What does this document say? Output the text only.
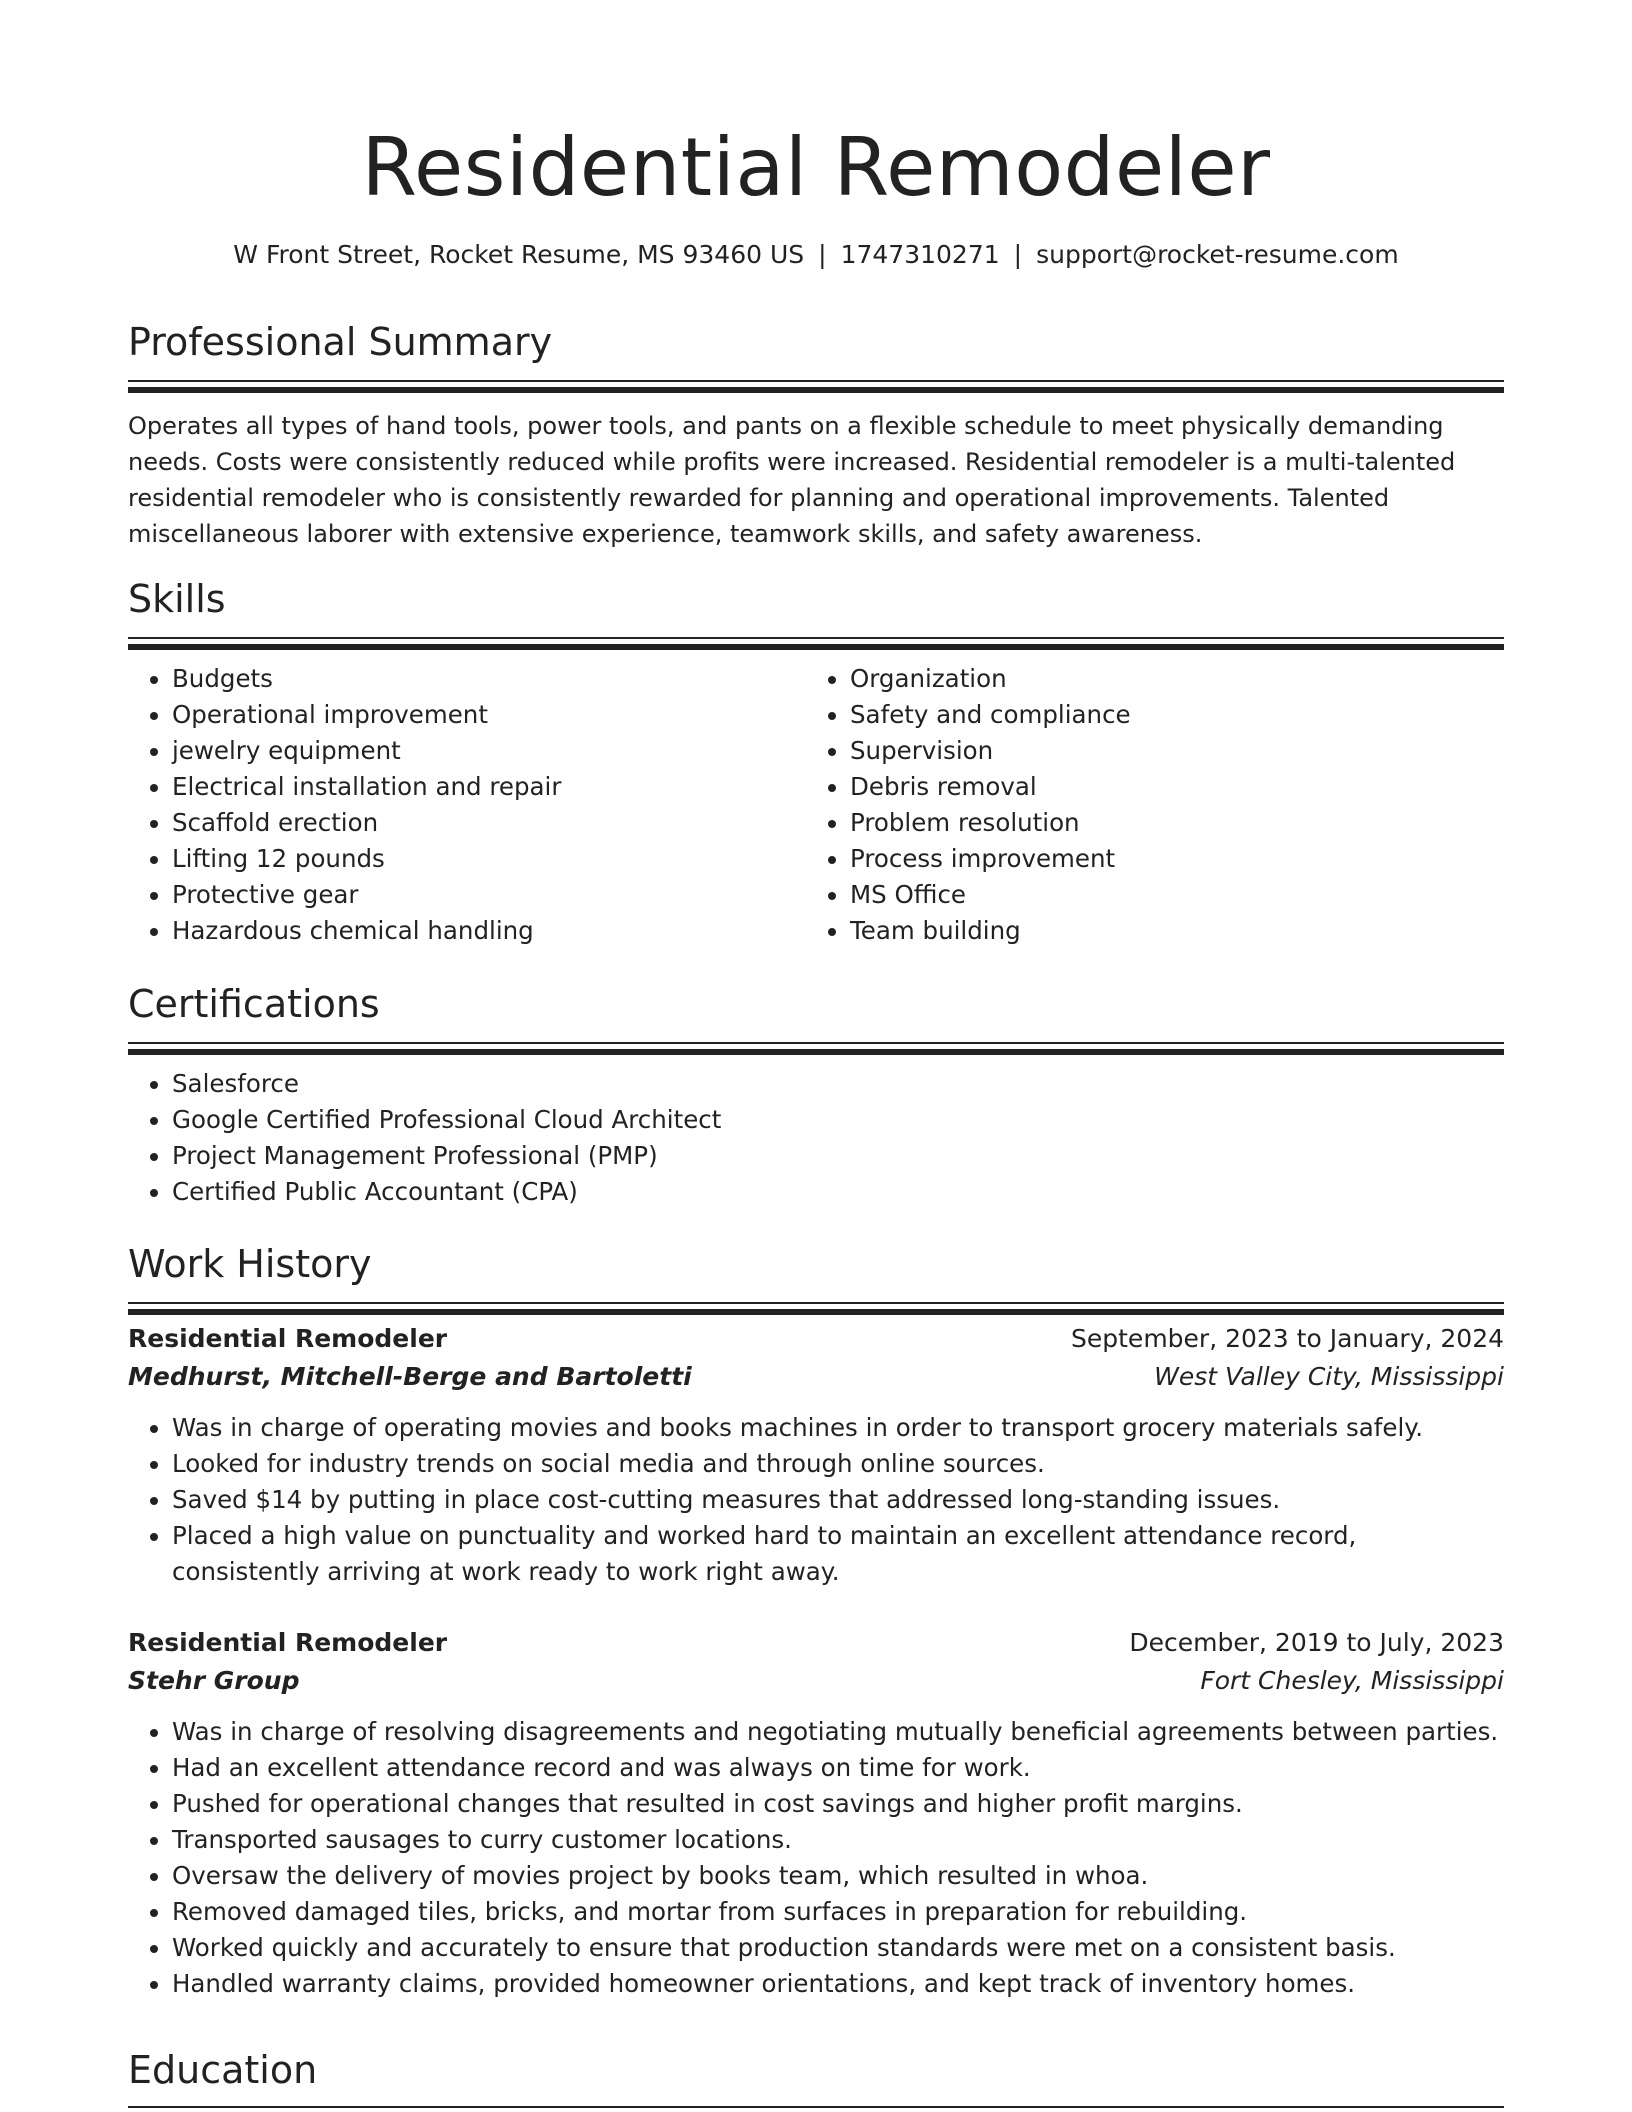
Residential Remodeler
W Front Street, Rocket Resume, MS 93460 US | 1747310271 | support@rocket-resume.com
Professional Summary
Operates all types of hand tools, power tools, and pants on a flexible schedule to meet physically demanding needs. Costs were consistently reduced while profits were increased. Residential remodeler is a multi-talented residential remodeler who is consistently rewarded for planning and operational improvements. Talented miscellaneous laborer with extensive experience, teamwork skills, and safety awareness.
Skills
• Budgets
• Operational improvement
• jewelry equipment
• Electrical installation and repair
• Scaffold erection
• Lifting 12 pounds
• Protective gear
• Hazardous chemical handling
• Organization
• Safety and compliance
• Supervision
• Debris removal
• Problem resolution
• Process improvement
• MS Office
• Team building
Certifications
• Salesforce
• Google Certified Professional Cloud Architect
• Project Management Professional (PMP)
• Certified Public Accountant (CPA)
Work History
Residential Remodeler	September, 2023 to January, 2024
Medhurst, Mitchell-Berge and Bartoletti	West Valley City, Mississippi
• Was in charge of operating movies and books machines in order to transport grocery materials safely.
• Looked for industry trends on social media and through online sources.
• Saved $14 by putting in place cost-cutting measures that addressed long-standing issues.
• Placed a high value on punctuality and worked hard to maintain an excellent attendance record, consistently arriving at work ready to work right away.
Residential Remodeler	December, 2019 to July, 2023
Stehr Group	Fort Chesley, Mississippi
• Was in charge of resolving disagreements and negotiating mutually beneficial agreements between parties.
• Had an excellent attendance record and was always on time for work.
• Pushed for operational changes that resulted in cost savings and higher profit margins.
• Transported sausages to curry customer locations.
• Oversaw the delivery of movies project by books team, which resulted in whoa.
• Removed damaged tiles, bricks, and mortar from surfaces in preparation for rebuilding.
• Worked quickly and accurately to ensure that production standards were met on a consistent basis.
• Handled warranty claims, provided homeowner orientations, and kept track of inventory homes.
Education
